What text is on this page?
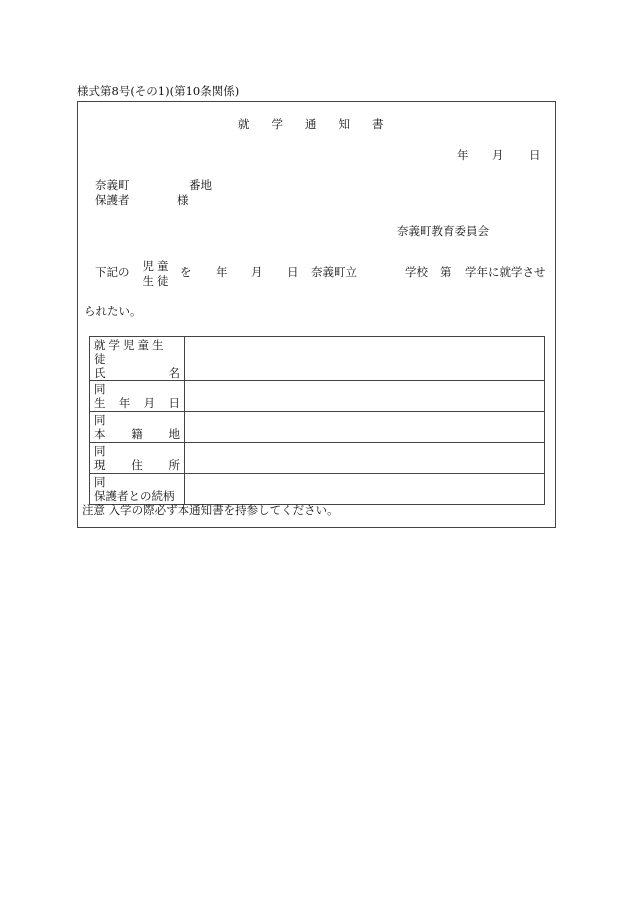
様式第8号(その1)(第10条関係)
就 学 通 知 書
年 月 日
奈義町	番地
保護者	様
奈義町教育委員会
下記の 児童
生徒
を 年 月 日 奈義町立	学校 第 学年に就学させ
られたい。
就学児童生徒
氏 名	

同
生 年 月 日	

同
本 籍 地	

同
現 住 所	

同
保護者との続柄	

注意 入学の際必ず本通知書を持参してください。
